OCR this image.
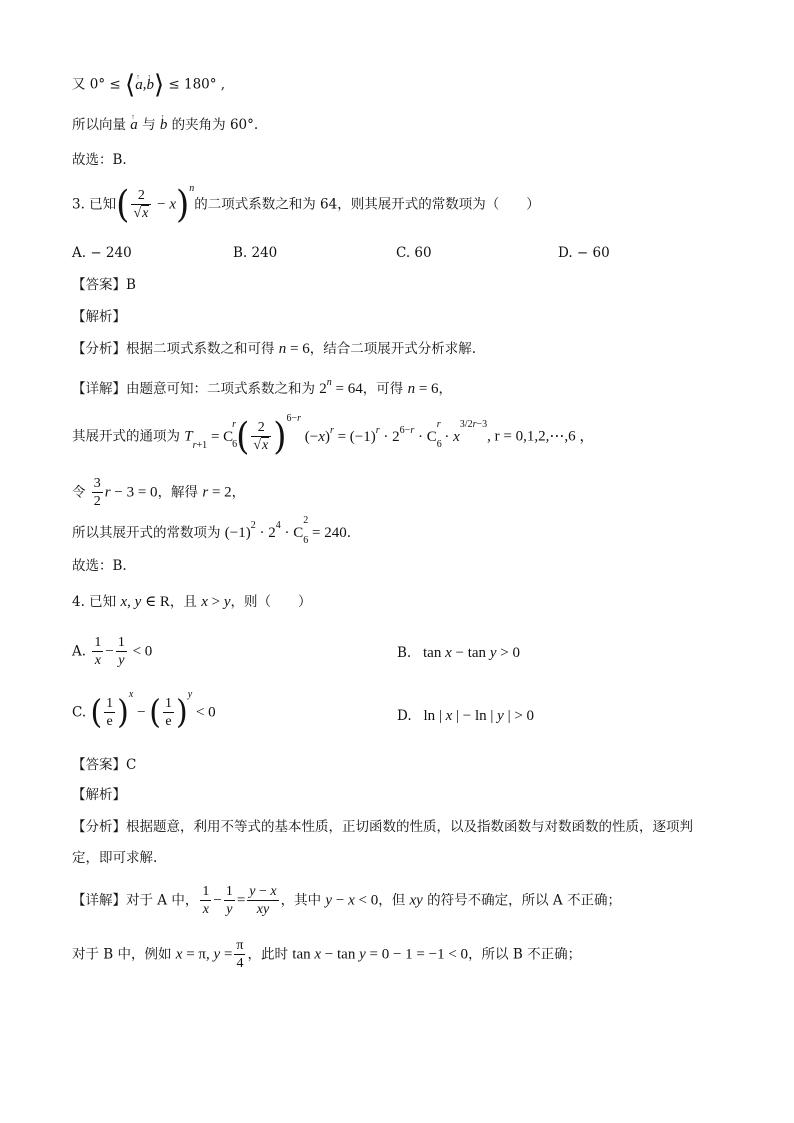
又 0° ≤ ⟨↑ a,↑ b⟩ ≤ 180° ,
所以向量 ↑ a 与 ↑ b 的夹角为 60°.
故选：B.
3. 已知( $\frac{2}{√x} - x)^n$的二项式系数之和为 64，则其展开式的常数项为（　　）
A. − 240	B. 240	C. 60	D. − 60
【答案】B
【解析】
【分析】根据二项式系数之和可得 n = 6，结合二项展开式分析求解.
【详解】由题意可知：二项式系数之和为 $2^n = 64$，可得 n = 6，
其展开式的通项为 $T_{r+1} = C_6^r( \frac{2}{√x} )^{6-r}$ $(-x)^r = (-1)^r \cdot 2^{6-r} \cdot C_6^r \cdot x^{3/2r-3}$, r = 0,1,2,⋯,6 ，
令 $\frac{3}{2}$ r − 3 = 0，解得 r = 2，
所以其展开式的常数项为 $(-1)^2 \cdot 2^4 \cdot C_6^2 = 240$.
故选：B.
4. 已知 x, y ∈ R，且 x > y，则（　　）
A. $\frac{1}{x} - \frac{1}{y} < 0$	B.   tan x − tan y > 0
C. ( $\frac{1}{e} )^x$ − ( $\frac{1}{e} )^y < 0$	D.   ln | x | − ln | y | > 0
【答案】C
【解析】
【分析】根据题意，利用不等式的基本性质，正切函数的性质，以及指数函数与对数函数的性质，逐项判
定，即可求解.
【详解】对于 A 中， $\frac{1}{x} - \frac{1}{y} = \frac{y - x}{xy}$ ，其中 y − x < 0，但 xy 的符号不确定，所以 A 不正确；
对于 B 中，例如 x = π, $y = \frac{\pi}{4}$ ，此时 tan x − tan y = 0 − 1 = −1 < 0，所以 B 不正确；
